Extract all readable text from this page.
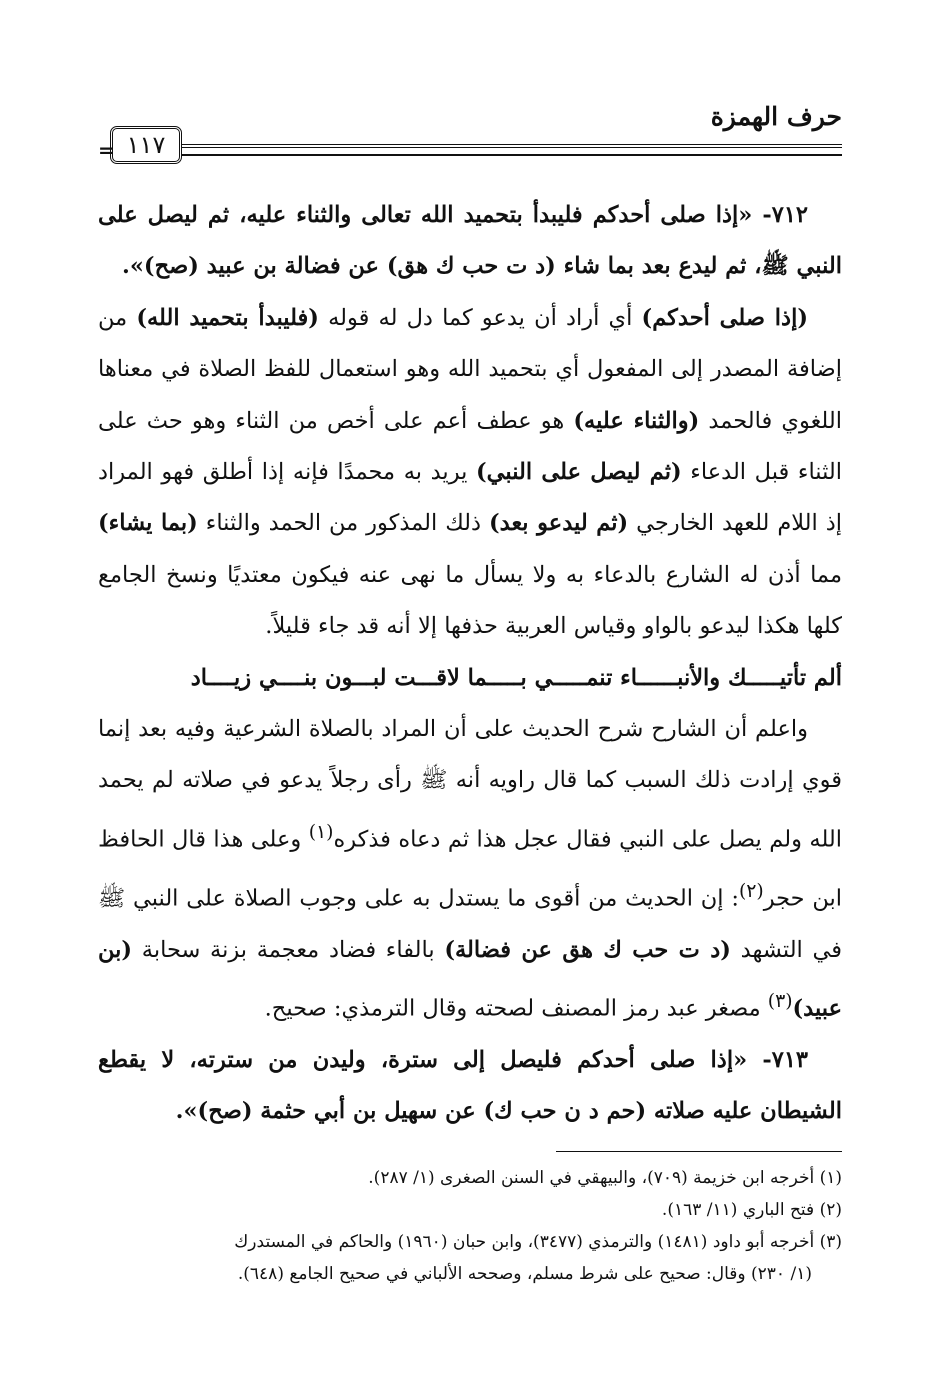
حرف الهمزة
= ١١٧

٧١٢- «إذا صلى أحدكم فليبدأ بتحميد الله تعالى والثناء عليه، ثم ليصل على النبي ﷺ، ثم ليدع بعد بما شاء (د ت حب ك هق) عن فضالة بن عبيد (صح)».

(إذا صلى أحدكم) أي أراد أن يدعو كما دل له قوله (فليبدأ بتحميد الله) من إضافة المصدر إلى المفعول أي بتحميد الله وهو استعمال للفظ الصلاة في معناها اللغوي فالحمد (والثناء عليه) هو عطف أعم على أخص من الثناء وهو حث على الثناء قبل الدعاء (ثم ليصل على النبي) يريد به محمدًا فإنه إذا أطلق فهو المراد إذ اللام للعهد الخارجي (ثم ليدعو بعد) ذلك المذكور من الحمد والثناء (بما يشاء) مما أذن له الشارع بالدعاء به ولا يسأل ما نهى عنه فيكون معتديًا ونسخ الجامع كلها هكذا ليدعو بالواو وقياس العربية حذفها إلا أنه قد جاء قليلاً.

ألم تأتيـــــك والأنبــــــاء تنمـــــي بـــــما لاقـــت لبـــون بنــــي زيــــاد

واعلم أن الشارح شرح الحديث على أن المراد بالصلاة الشرعية وفيه بعد إنما قوي إرادت ذلك السبب كما قال راويه أنه ﷺ رأى رجلاً يدعو في صلاته لم يحمد الله ولم يصل على النبي فقال عجل هذا ثم دعاه فذكره$^{(١)}$ وعلى هذا قال الحافظ ابن حجر$^{(٢)}$: إن الحديث من أقوى ما يستدل به على وجوب الصلاة على النبي ﷺ في التشهد (د ت حب ك هق عن فضالة) بالفاء فضاد معجمة بزنة سحابة (بن عبيد)$^{(٣)}$ مصغر عبد رمز المصنف لصحته وقال الترمذي: صحيح.

٧١٣- «إذا صلى أحدكم فليصل إلى سترة، وليدن من سترته، لا يقطع الشيطان عليه صلاته (حم د ن حب ك) عن سهيل بن أبي حثمة (صح)».

(١) أخرجه ابن خزيمة (٧٠٩)، والبيهقي في السنن الصغرى (١/ ٢٨٧).

(٢) فتح الباري (١١/ ١٦٣).

(٣) أخرجه أبو داود (١٤٨١) والترمذي (٣٤٧٧)، وابن حبان (١٩٦٠) والحاكم في المستدرك

(١/ ٢٣٠) وقال: صحيح على شرط مسلم، وصححه الألباني في صحيح الجامع (٦٤٨).
